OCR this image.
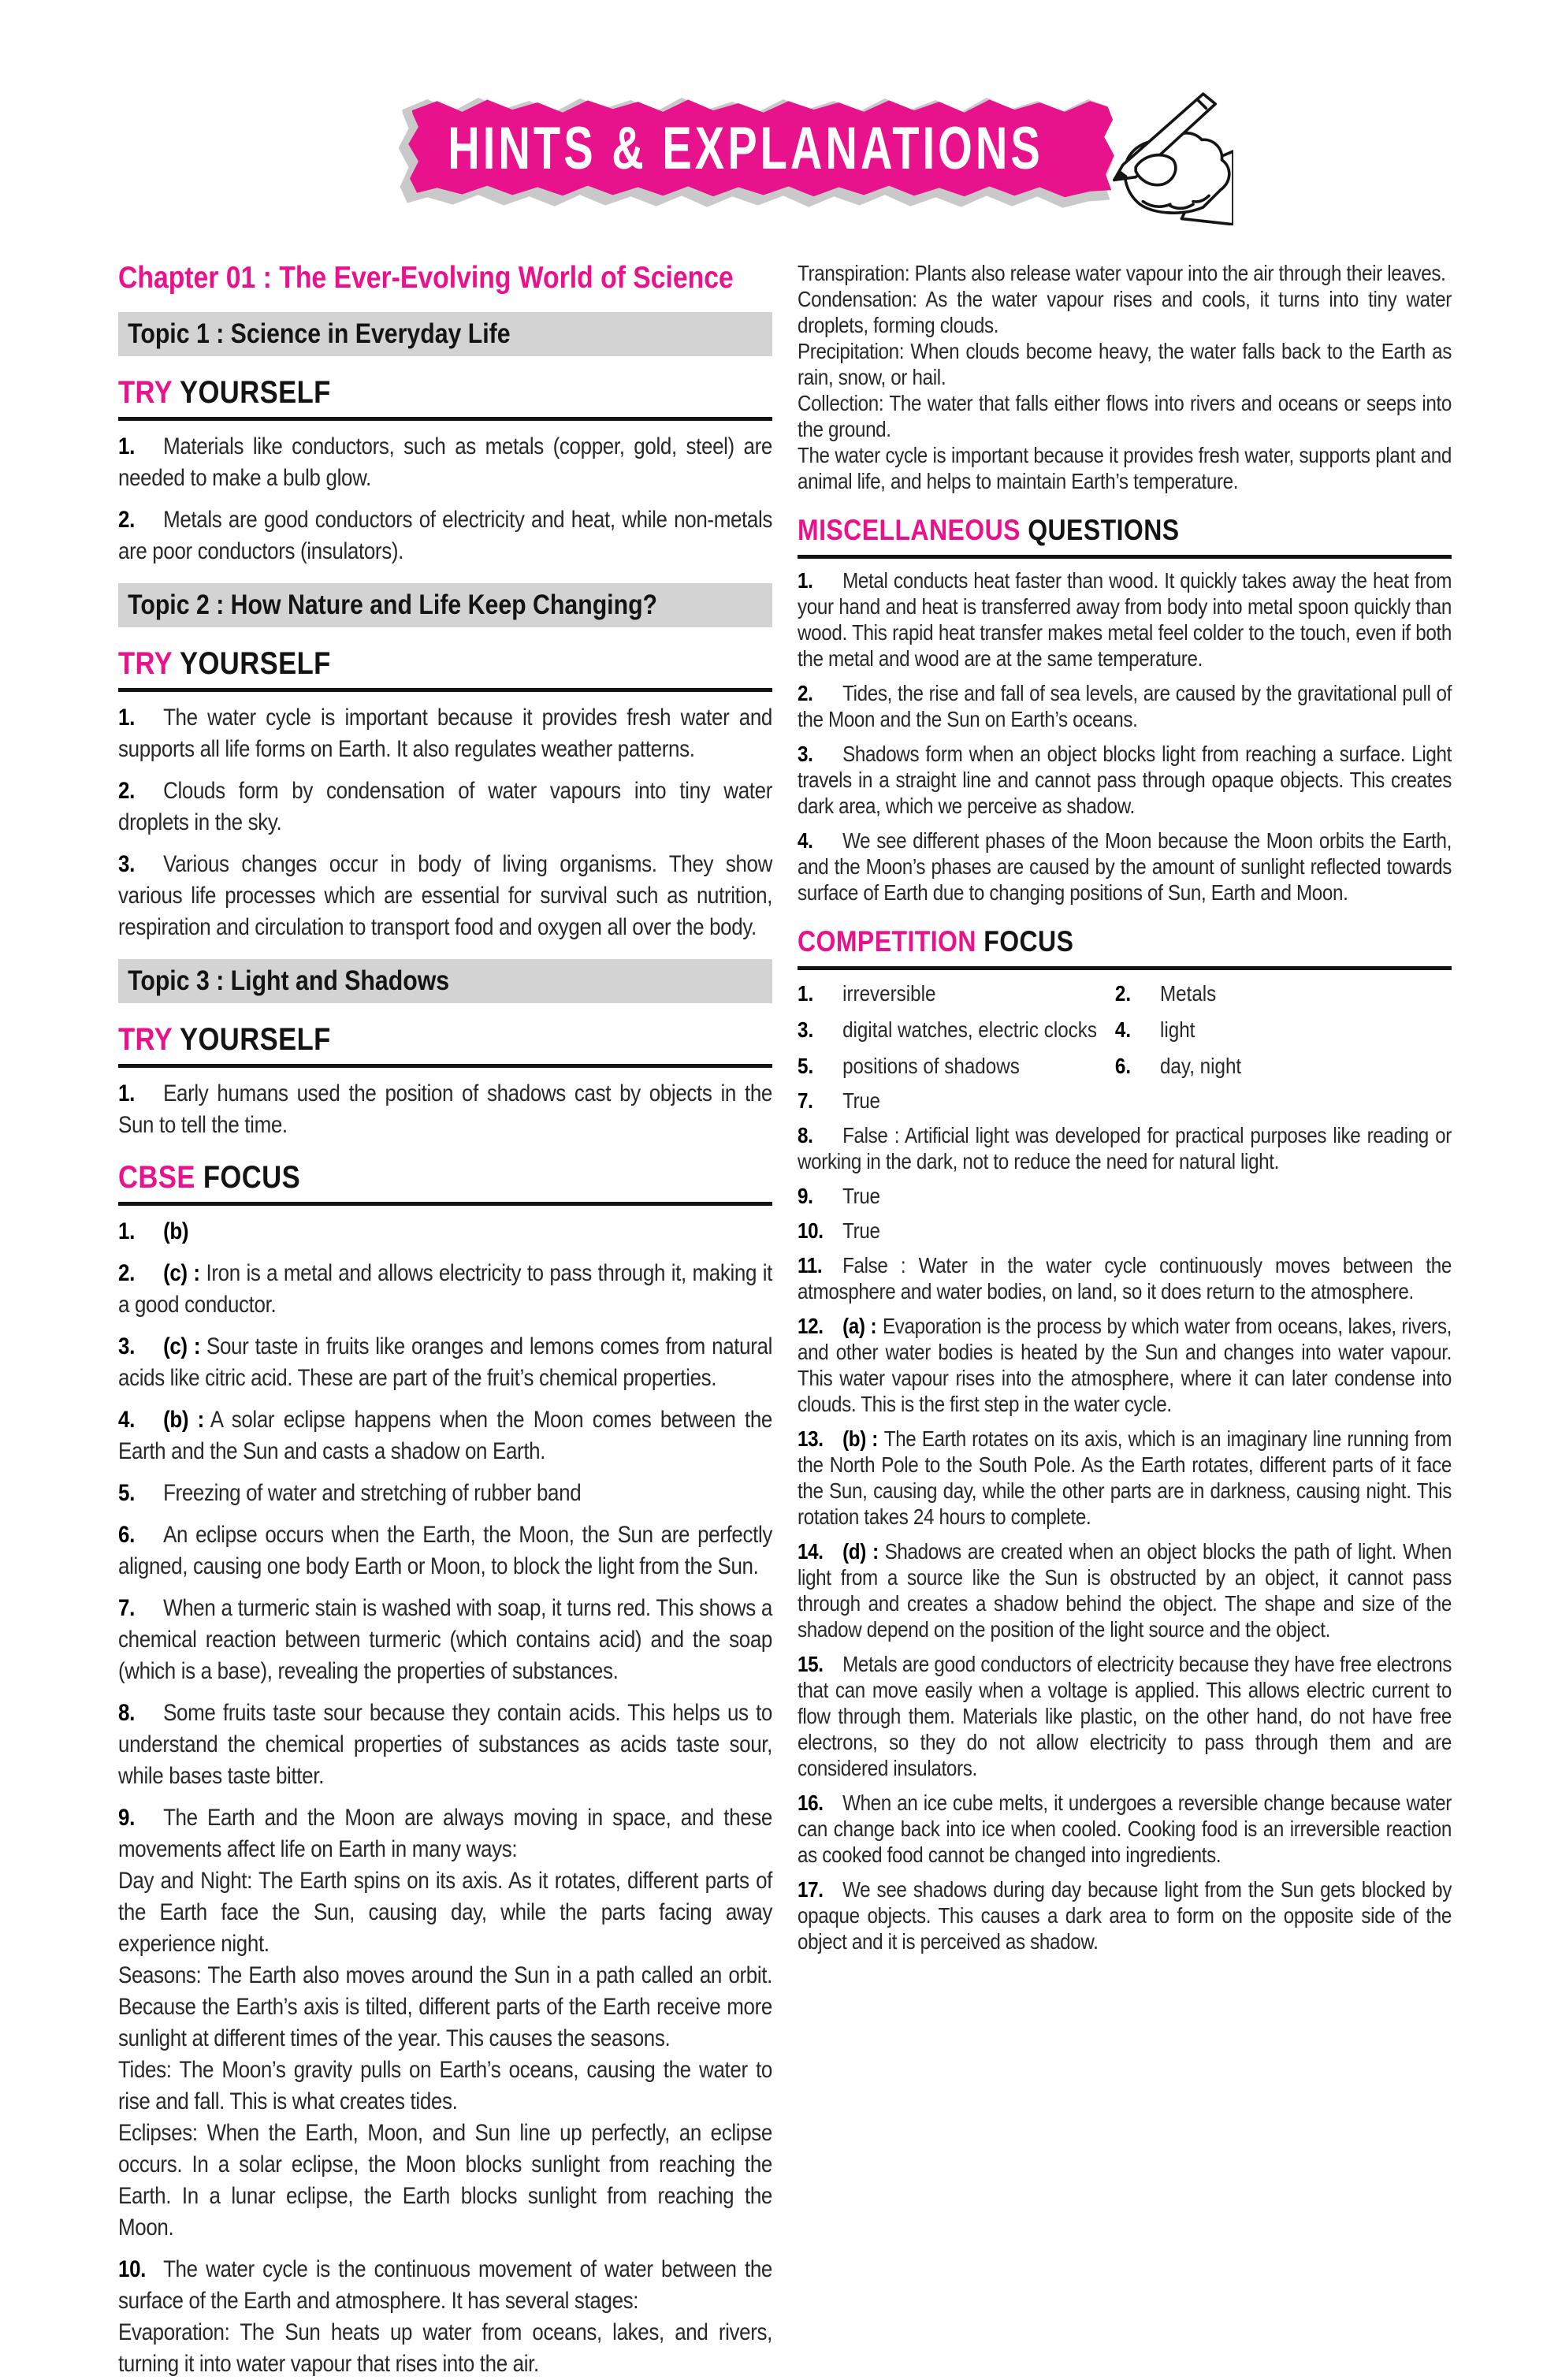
HINTS & EXPLANATIONS
Chapter 01 : The Ever-Evolving World of Science
Topic 1 : Science in Everyday Life
TRY YOURSELF

1. Materials like conductors, such as metals (copper, gold, steel) are needed to make a bulb glow.

2. Metals are good conductors of electricity and heat, while non-metals are poor conductors (insulators).

Topic 2 : How Nature and Life Keep Changing?
TRY YOURSELF

1. The water cycle is important because it provides fresh water and supports all life forms on Earth. It also regulates weather patterns.

2. Clouds form by condensation of water vapours into tiny water droplets in the sky.

3. Various changes occur in body of living organisms. They show various life processes which are essential for survival such as nutrition, respiration and circulation to transport food and oxygen all over the body.

Topic 3 : Light and Shadows
TRY YOURSELF

1. Early humans used the position of shadows cast by objects in the Sun to tell the time.

CBSE FOCUS

1. (b)

2. (c) : Iron is a metal and allows electricity to pass through it, making it a good conductor.

3. (c) : Sour taste in fruits like oranges and lemons comes from natural acids like citric acid. These are part of the fruit’s chemical properties.

4. (b) : A solar eclipse happens when the Moon comes between the Earth and the Sun and casts a shadow on Earth.

5. Freezing of water and stretching of rubber band

6. An eclipse occurs when the Earth, the Moon, the Sun are perfectly aligned, causing one body Earth or Moon, to block the light from the Sun.

7. When a turmeric stain is washed with soap, it turns red. This shows a chemical reaction between turmeric (which contains acid) and the soap (which is a base), revealing the properties of substances.

8. Some fruits taste sour because they contain acids. This helps us to understand the chemical properties of substances as acids taste sour, while bases taste bitter.

9. The Earth and the Moon are always moving in space, and these movements affect life on Earth in many ways:

Day and Night: The Earth spins on its axis. As it rotates, different parts of the Earth face the Sun, causing day, while the parts facing away experience night.

Seasons: The Earth also moves around the Sun in a path called an orbit. Because the Earth’s axis is tilted, different parts of the Earth receive more sunlight at different times of the year. This causes the seasons.

Tides: The Moon’s gravity pulls on Earth’s oceans, causing the water to rise and fall. This is what creates tides.

Eclipses: When the Earth, Moon, and Sun line up perfectly, an eclipse occurs. In a solar eclipse, the Moon blocks sunlight from reaching the Earth. In a lunar eclipse, the Earth blocks sunlight from reaching the Moon.

10. The water cycle is the continuous movement of water between the surface of the Earth and atmosphere. It has several stages:

Evaporation: The Sun heats up water from oceans, lakes, and rivers, turning it into water vapour that rises into the air.

Transpiration: Plants also release water vapour into the air through their leaves.

Condensation: As the water vapour rises and cools, it turns into tiny water droplets, forming clouds.

Precipitation: When clouds become heavy, the water falls back to the Earth as rain, snow, or hail.

Collection: The water that falls either flows into rivers and oceans or seeps into the ground.

The water cycle is important because it provides fresh water, supports plant and animal life, and helps to maintain Earth’s temperature.

MISCELLANEOUS QUESTIONS

1. Metal conducts heat faster than wood. It quickly takes away the heat from your hand and heat is transferred away from body into metal spoon quickly than wood. This rapid heat transfer makes metal feel colder to the touch, even if both the metal and wood are at the same temperature.

2. Tides, the rise and fall of sea levels, are caused by the gravitational pull of the Moon and the Sun on Earth’s oceans.

3. Shadows form when an object blocks light from reaching a surface. Light travels in a straight line and cannot pass through opaque objects. This creates dark area, which we perceive as shadow.

4. We see different phases of the Moon because the Moon orbits the Earth, and the Moon’s phases are caused by the amount of sunlight reflected towards surface of Earth due to changing positions of Sun, Earth and Moon.

COMPETITION FOCUS
1.	irreversible	2.	Metals
3.	digital watches, electric clocks 4.	light
5.	positions of shadows	6.	day, night

7. True

8. False : Artificial light was developed for practical purposes like reading or working in the dark, not to reduce the need for natural light.

9. True

10. True

11. False : Water in the water cycle continuously moves between the atmosphere and water bodies, on land, so it does return to the atmosphere.

12. (a) : Evaporation is the process by which water from oceans, lakes, rivers, and other water bodies is heated by the Sun and changes into water vapour. This water vapour rises into the atmosphere, where it can later condense into clouds. This is the first step in the water cycle.

13. (b) : The Earth rotates on its axis, which is an imaginary line running from the North Pole to the South Pole. As the Earth rotates, different parts of it face the Sun, causing day, while the other parts are in darkness, causing night. This rotation takes 24 hours to complete.

14. (d) : Shadows are created when an object blocks the path of light. When light from a source like the Sun is obstructed by an object, it cannot pass through and creates a shadow behind the object. The shape and size of the shadow depend on the position of the light source and the object.

15. Metals are good conductors of electricity because they have free electrons that can move easily when a voltage is applied. This allows electric current to flow through them. Materials like plastic, on the other hand, do not have free electrons, so they do not allow electricity to pass through them and are considered insulators.

16. When an ice cube melts, it undergoes a reversible change because water can change back into ice when cooled. Cooking food is an irreversible reaction as cooked food cannot be changed into ingredients.

17. We see shadows during day because light from the Sun gets blocked by opaque objects. This causes a dark area to form on the opposite side of the object and it is perceived as shadow.
